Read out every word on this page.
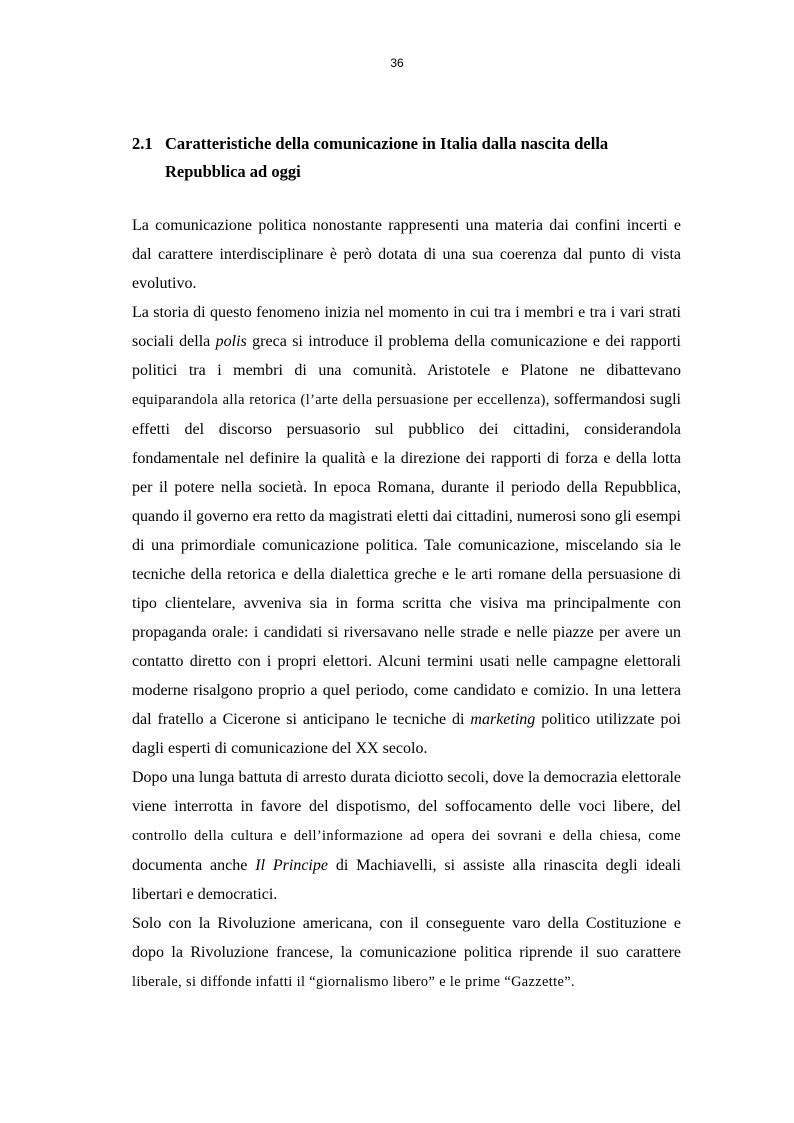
36
2.1 Caratteristiche della comunicazione in Italia dalla nascita della Repubblica ad oggi

La comunicazione politica nonostante rappresenti una materia dai confini incerti e dal carattere interdisciplinare è però dotata di una sua coerenza dal punto di vista evolutivo.

La storia di questo fenomeno inizia nel momento in cui tra i membri e tra i vari strati sociali della polis greca si introduce il problema della comunicazione e dei rapporti politici tra i membri di una comunità. Aristotele e Platone ne dibattevano equiparandola alla retorica (l’arte della persuasione per eccellenza), soffermandosi sugli effetti del discorso persuasorio sul pubblico dei cittadini, considerandola fondamentale nel definire la qualità e la direzione dei rapporti di forza e della lotta per il potere nella società. In epoca Romana, durante il periodo della Repubblica, quando il governo era retto da magistrati eletti dai cittadini, numerosi sono gli esempi di una primordiale comunicazione politica. Tale comunicazione, miscelando sia le tecniche della retorica e della dialettica greche e le arti romane della persuasione di tipo clientelare, avveniva sia in forma scritta che visiva ma principalmente con propaganda orale: i candidati si riversavano nelle strade e nelle piazze per avere un contatto diretto con i propri elettori. Alcuni termini usati nelle campagne elettorali moderne risalgono proprio a quel periodo, come candidato e comizio. In una lettera dal fratello a Cicerone si anticipano le tecniche di marketing politico utilizzate poi dagli esperti di comunicazione del XX secolo.

Dopo una lunga battuta di arresto durata diciotto secoli, dove la democrazia elettorale viene interrotta in favore del dispotismo, del soffocamento delle voci libere, del controllo della cultura e dell’informazione ad opera dei sovrani e della chiesa, come documenta anche Il Principe di Machiavelli, si assiste alla rinascita degli ideali libertari e democratici.

Solo con la Rivoluzione americana, con il conseguente varo della Costituzione e dopo la Rivoluzione francese, la comunicazione politica riprende il suo carattere liberale, si diffonde infatti il “giornalismo libero” e le prime “Gazzette”.
